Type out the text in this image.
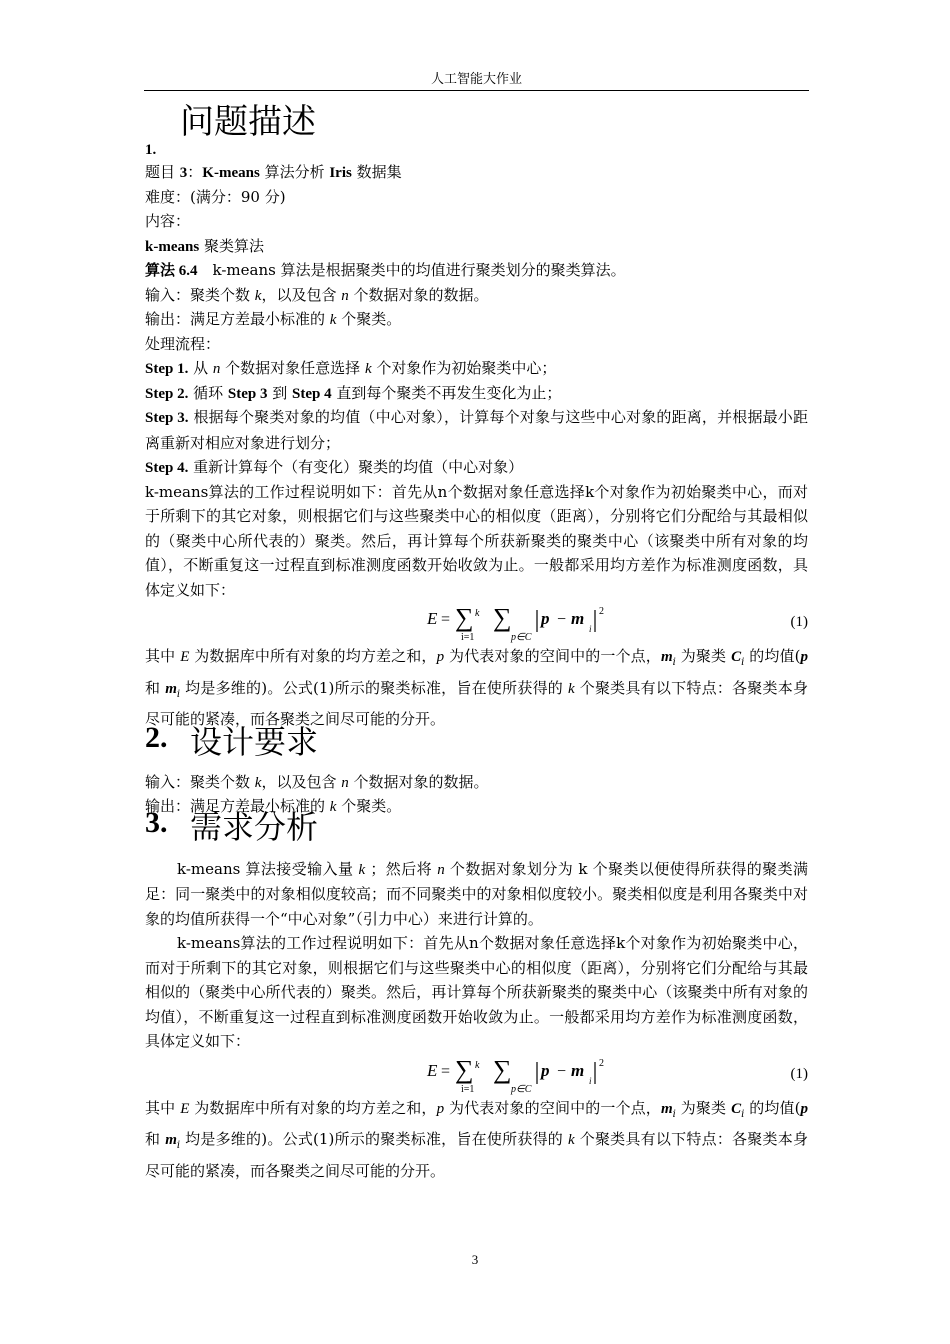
人工智能大作业
1.
问题描述
题目 3：K-means 算法分析 Iris 数据集
难度：(满分：90 分)
内容：
k-means 聚类算法
算法 6.4　k-means 算法是根据聚类中的均值进行聚类划分的聚类算法。
输入：聚类个数 k，以及包含 n 个数据对象的数据。
输出：满足方差最小标准的 k 个聚类。
处理流程：
Step 1. 从 n 个数据对象任意选择 k 个对象作为初始聚类中心；
Step 2. 循环 Step 3 到 Step 4 直到每个聚类不再发生变化为止；
Step 3. 根据每个聚类对象的均值（中心对象），计算每个对象与这些中心对象的距离，并根据最小距离重新对相应对象进行划分；
Step 4. 重新计算每个（有变化）聚类的均值（中心对象）
k-means算法的工作过程说明如下：首先从n个数据对象任意选择k个对象作为初始聚类中心，而对于所剩下的其它对象，则根据它们与这些聚类中心的相似度（距离），分别将它们分配给与其最相似的（聚类中心所代表的）聚类。然后，再计算每个所获新聚类的聚类中心（该聚类中所有对象的均值），不断重复这一过程直到标准测度函数开始收敛为止。一般都采用均方差作为标准测度函数，具体定义如下：
E = ∑ k
i=1
∑
p∈C
p − m
i
2
(1)
其中 E 为数据库中所有对象的均方差之和，p 为代表对象的空间中的一个点，$m_i$ 为聚类 $C_i$ 的均值(p 和 $m_i$ 均是多维的)。公式(1)所示的聚类标准，旨在使所获得的 k 个聚类具有以下特点：各聚类本身尽可能的紧凑，而各聚类之间尽可能的分开。
2. 设计要求
输入：聚类个数 k，以及包含 n 个数据对象的数据。
输出：满足方差最小标准的 k 个聚类。
3. 需求分析
k-means 算法接受输入量 k ；然后将 n 个数据对象划分为 k 个聚类以便使得所获得的聚类满足：同一聚类中的对象相似度较高；而不同聚类中的对象相似度较小。聚类相似度是利用各聚类中对象的均值所获得一个“中心对象”（引力中心）来进行计算的。
k-means算法的工作过程说明如下：首先从n个数据对象任意选择k个对象作为初始聚类中心，而对于所剩下的其它对象，则根据它们与这些聚类中心的相似度（距离），分别将它们分配给与其最相似的（聚类中心所代表的）聚类。然后，再计算每个所获新聚类的聚类中心（该聚类中所有对象的均值），不断重复这一过程直到标准测度函数开始收敛为止。一般都采用均方差作为标准测度函数，具体定义如下：
E = ∑ k
i=1
∑
p∈C
p − m
i
2
(1)
其中 E 为数据库中所有对象的均方差之和，p 为代表对象的空间中的一个点，$m_i$ 为聚类 $C_i$ 的均值(p 和 $m_i$ 均是多维的)。公式(1)所示的聚类标准，旨在使所获得的 k 个聚类具有以下特点：各聚类本身尽可能的紧凑，而各聚类之间尽可能的分开。
3
